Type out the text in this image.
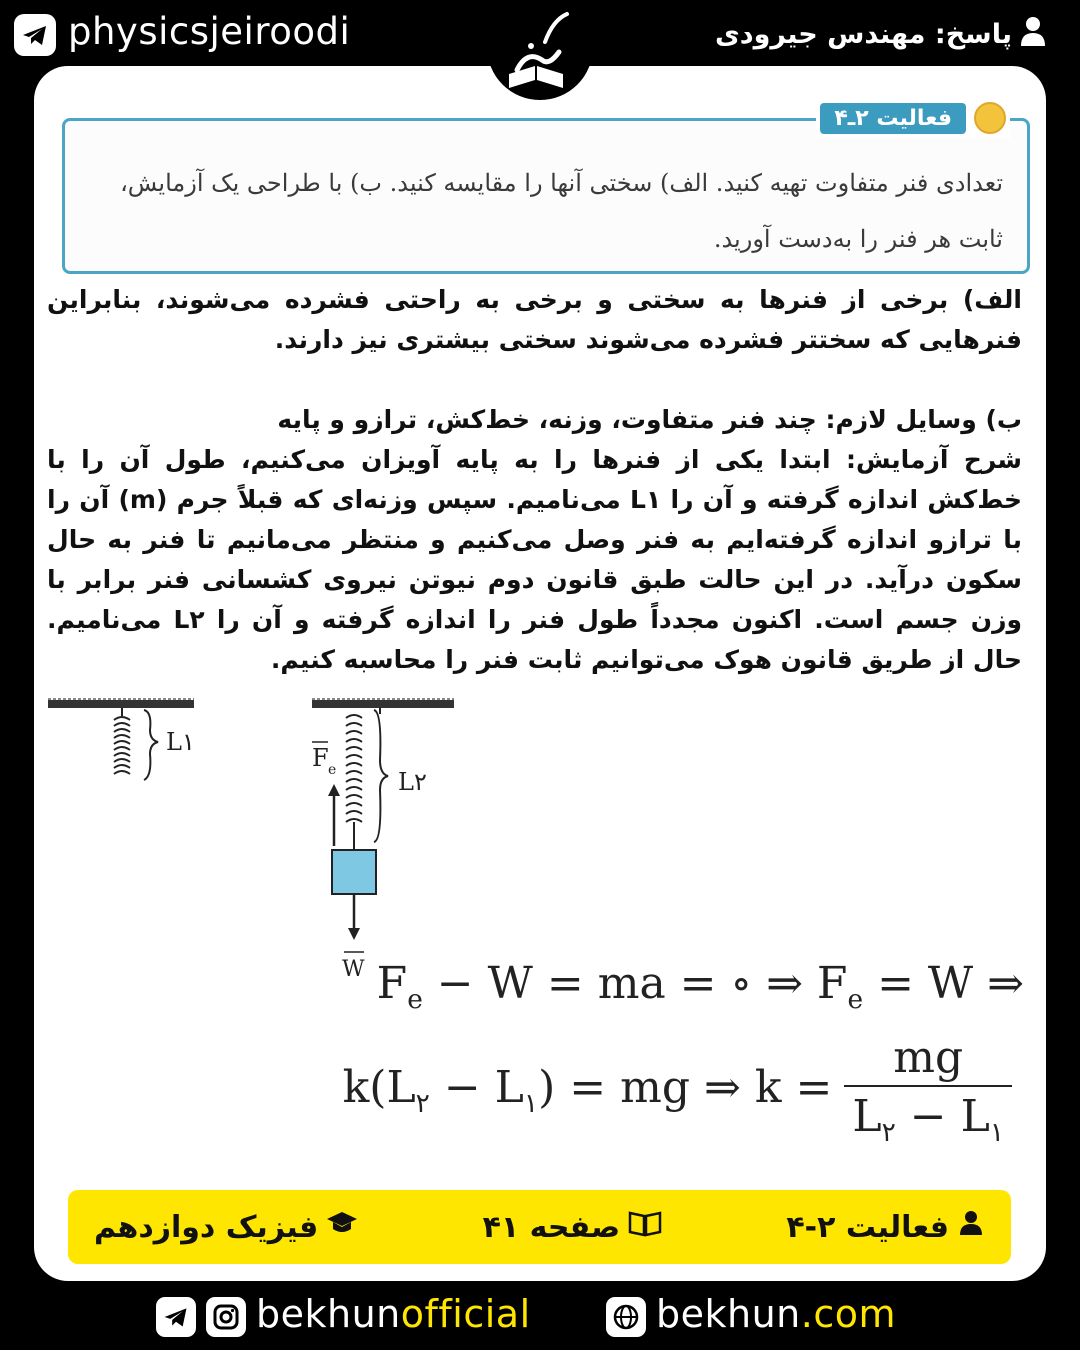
physicsjeiroodi	پاسخ: مهندس جیرودی
تعدادی فنر متفاوت تهیه کنید. الف) سختی آنها را مقایسه کنید. ب) با طراحی یک آزمایش،
ثابت هر فنر را به‌دست آورید.
فعالیت ۲ـ۴

الف) برخی از فنرها به سختی و برخی به راحتی فشرده می‌شوند، بنابراین فنرهایی که سختتر فشرده می‌شوند سختی بیشتری نیز دارند.

ب) وسایل لازم: چند فنر متفاوت، وزنه، خط‌کش، ترازو و پایه

شرح آزمایش: ابتدا یکی از فنرها را به پایه آویزان می‌کنیم، طول آن را با خط‌کش اندازه گرفته و آن را L۱ می‌نامیم. سپس وزنه‌ای که قبلاً جرم (m) آن را با ترازو اندازه گرفته‌ایم به فنر وصل می‌کنیم و منتظر می‌مانیم تا فنر به حال سکون درآید. در این حالت طبق قانون دوم نیوتن نیروی کشسانی فنر برابر با وزن جسم است. اکنون مجدداً طول فنر را اندازه گرفته و آن را L۲ می‌نامیم. حال از طریق قانون هوک می‌توانیم ثابت فنر را محاسبه کنیم.

L۱
L۲
F e
W $F_e - W$ = ma = ∘ ⇒ $F_e = W$ ⇒
$k(L_۲ - L_۱)$ = mg ⇒ $k = \frac{mg}{L_۲ - L_۱}$
فعالیت ۲-۴
صفحه ۴۱
فیزیک دوازدهم
bekhunofficial	bekhun.com
